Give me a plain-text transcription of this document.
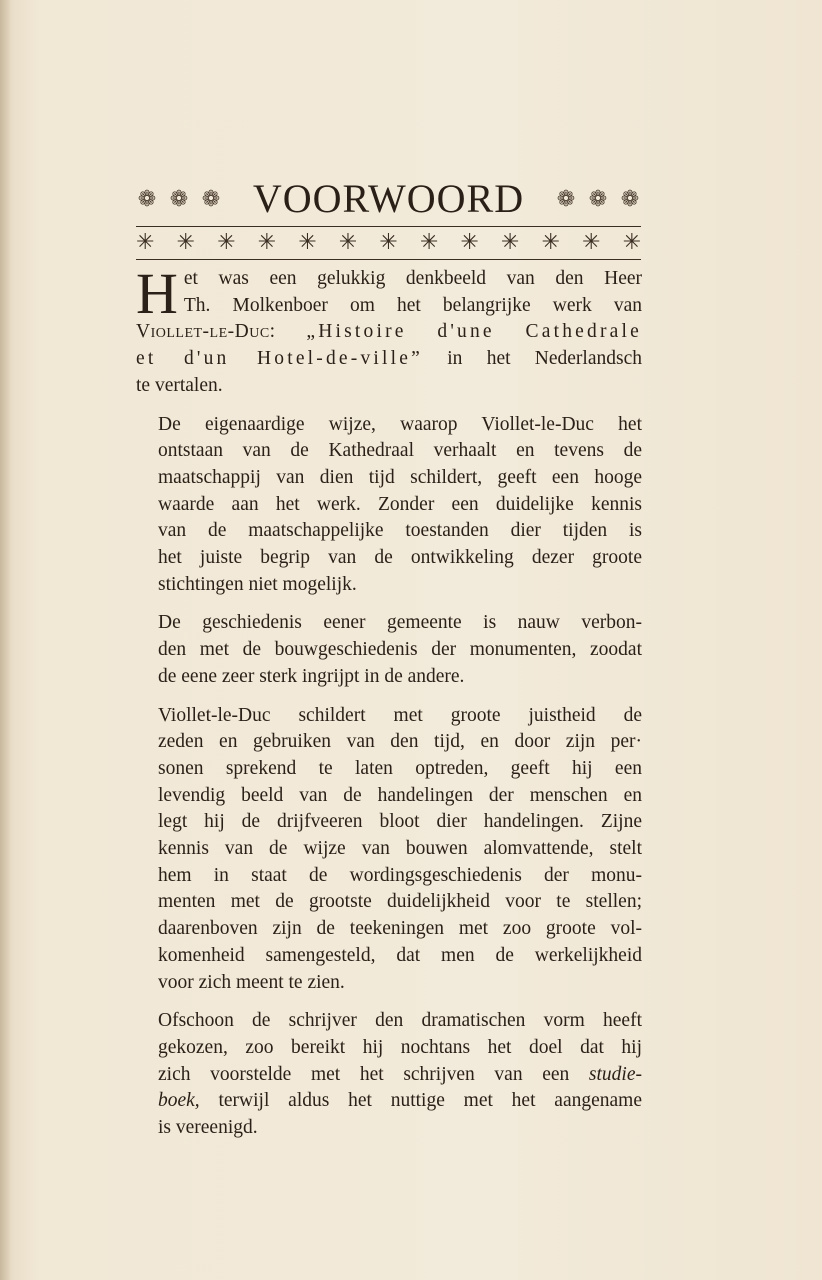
❁ ❁ ❁ VOORWOORD ❁ ❁ ❁
✳ ✳ ✳ ✳ ✳ ✳ ✳ ✳ ✳ ✳ ✳ ✳ ✳

H et was een gelukkig denkbeeld van den Heer
Th. Molkenboer om het belangrijke werk van
Viollet-le-Duc: „Histoire d'une Cathedrale
et d'un Hotel-de-ville” in het Nederlandsch
te vertalen.

De eigenaardige wijze, waarop Viollet-le-Duc het
ontstaan van de Kathedraal verhaalt en tevens de
maatschappij van dien tijd schildert, geeft een hooge
waarde aan het werk. Zonder een duidelijke kennis
van de maatschappelijke toestanden dier tijden is
het juiste begrip van de ontwikkeling dezer groote
stichtingen niet mogelijk.

De geschiedenis eener gemeente is nauw verbon-
den met de bouwgeschiedenis der monumenten, zoodat
de eene zeer sterk ingrijpt in de andere.

Viollet-le-Duc schildert met groote juistheid de
zeden en gebruiken van den tijd, en door zijn per·
sonen sprekend te laten optreden, geeft hij een
levendig beeld van de handelingen der menschen en
legt hij de drijfveeren bloot dier handelingen. Zijne
kennis van de wijze van bouwen alomvattende, stelt
hem in staat de wordingsgeschiedenis der monu-
menten met de grootste duidelijkheid voor te stellen;
daarenboven zijn de teekeningen met zoo groote vol-
komenheid samengesteld, dat men de werkelijkheid
voor zich meent te zien.

Ofschoon de schrijver den dramatischen vorm heeft
gekozen, zoo bereikt hij nochtans het doel dat hij
zich voorstelde met het schrijven van een studie-
boek, terwijl aldus het nuttige met het aangename
is vereenigd.
